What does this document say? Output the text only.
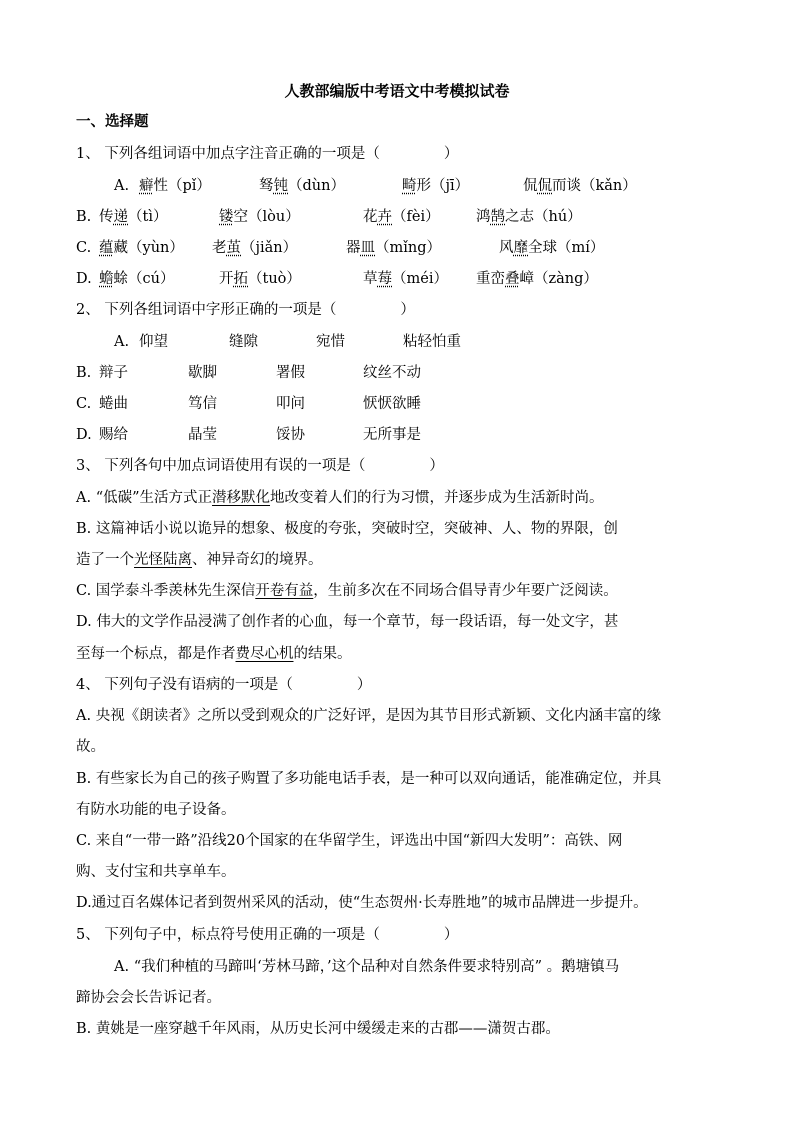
人教部编版中考语文中考模拟试卷
一、选择题
1、 下列各组词语中加点字注音正确的一项是（	）
A. 癖性（pǐ）	驽钝（dùn）	畸形（jī）	侃侃而谈（kǎn）
B. 传递（tì）	镂空（lòu）	花卉（fèi）	鸿鹄之志（hú）
C. 蕴藏（yùn） 老茧（jiǎn）	器皿（mǐng）	风靡全球（mí）
D. 蟾蜍（cú）	开拓（tuò）	草莓（méi） 重峦叠嶂（zàng）
2、 下列各组词语中字形正确的一项是（	）
A. 仰望	缝隙	宛惜	粘轻怕重
B. 辩子	歇脚	署假	纹丝不动
C. 蜷曲	笃信	叩问	恹恹欲睡
D. 赐给	晶莹	馁协	无所事是
3、 下列各句中加点词语使用有误的一项是（	）
A. “低碳”生活方式正潜移默化地改变着人们的行为习惯，并逐步成为生活新时尚。
B. 这篇神话小说以诡异的想象、极度的夸张，突破时空，突破神、人、物的界限，创
造了一个光怪陆离、神异奇幻的境界。
C. 国学泰斗季羡林先生深信开卷有益，生前多次在不同场合倡导青少年要广泛阅读。
D. 伟大的文学作品浸满了创作者的心血，每一个章节，每一段话语，每一处文字，甚
至每一个标点，都是作者费尽心机的结果。
4、 下列句子没有语病的一项是（	）
A. 央视《朗读者》之所以受到观众的广泛好评，是因为其节目形式新颖、文化内涵丰富的缘
故。
B. 有些家长为自己的孩子购置了多功能电话手表，是一种可以双向通话，能准确定位，并具
有防水功能的电子设备。
C. 来自“一带一路”沿线20个国家的在华留学生，评选出中国“新四大发明”：高铁、网
购、支付宝和共享单车。
D.通过百名媒体记者到贺州采风的活动，使“生态贺州·长寿胜地”的城市品牌进一步提升。
5、 下列句子中，标点符号使用正确的一项是（	）
A. “我们种植的马蹄叫‘芳林马蹄，’这个品种对自然条件要求特别高” 。鹅塘镇马
蹄协会会长告诉记者。
B. 黄姚是一座穿越千年风雨，从历史长河中缓缓走来的古郡——潇贺古郡。
